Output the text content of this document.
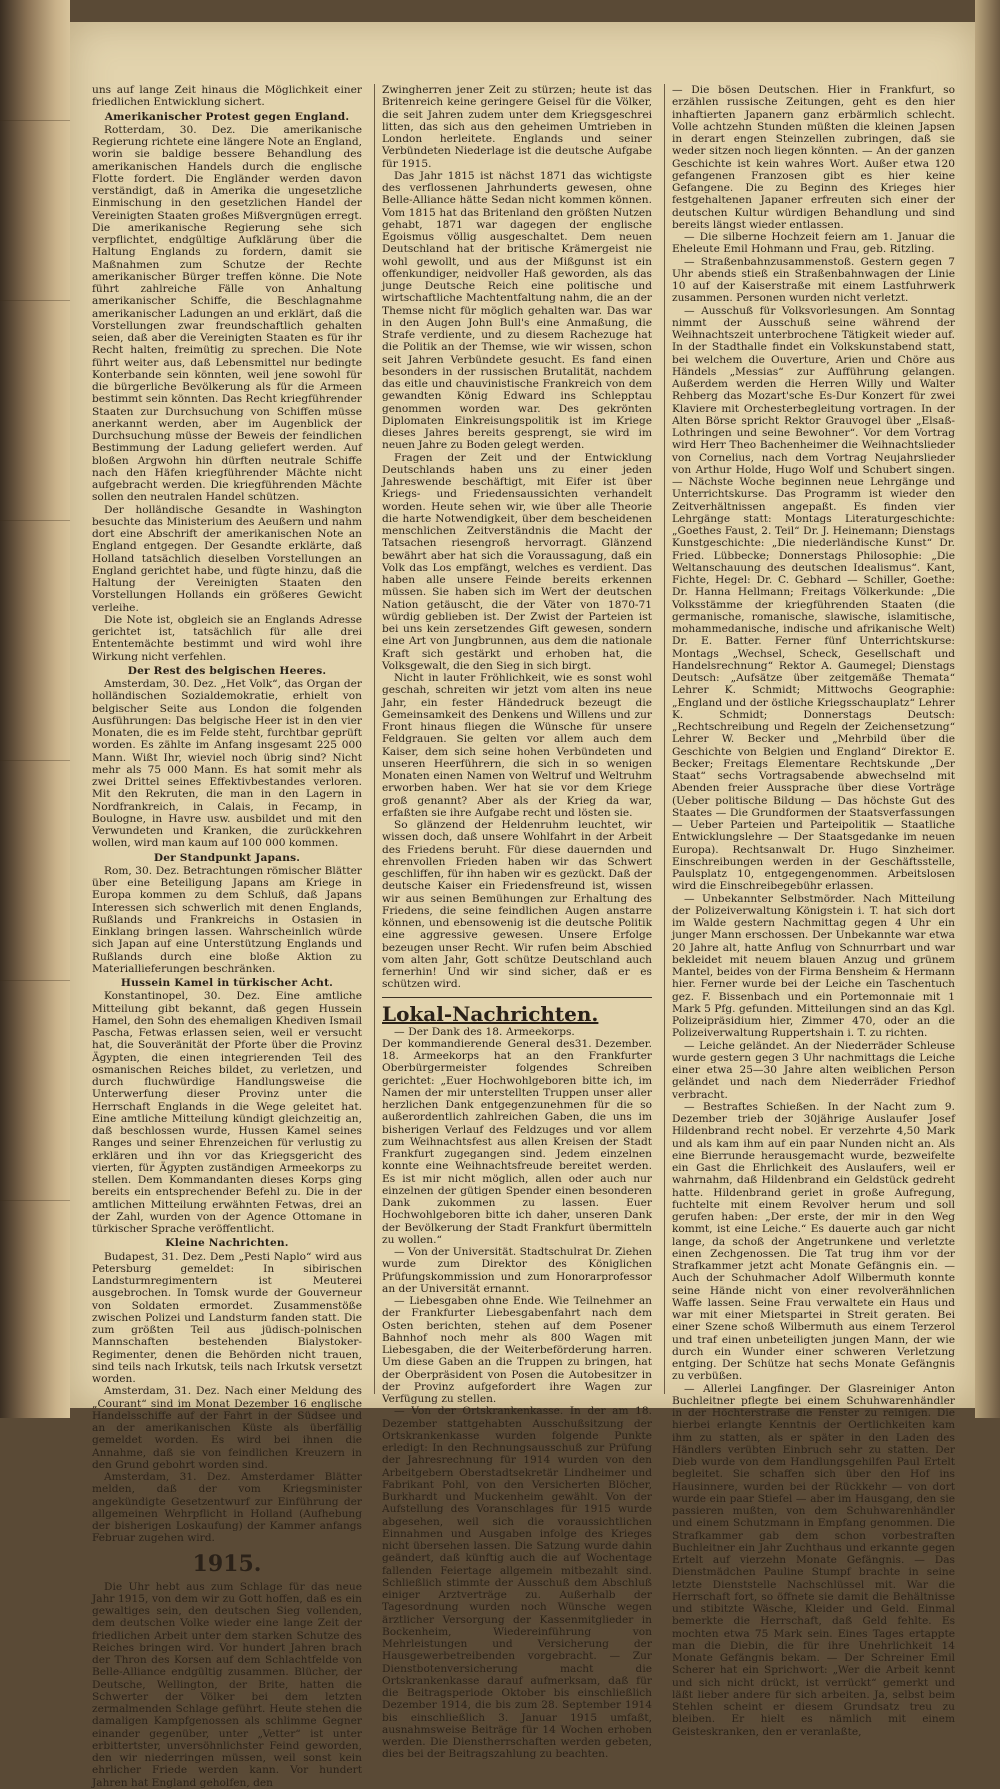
uns auf lange Zeit hinaus die Möglichkeit einer friedlichen Entwicklung sichert.

Amerikanischer Protest gegen England.

Rotterdam, 30. Dez. Die amerikanische Regierung richtete eine längere Note an England, worin sie baldige bessere Behandlung des amerikanischen Handels durch die englische Flotte fordert. Die Engländer werden davon verständigt, daß in Amerika die ungesetzliche Einmischung in den gesetzlichen Handel der Vereinigten Staaten großes Mißvergnügen erregt. Die amerikanische Regierung sehe sich verpflichtet, endgültige Aufklärung über die Haltung Englands zu fordern, damit sie Maßnahmen zum Schutze der Rechte amerikanischer Bürger treffen könne. Die Note führt zahlreiche Fälle von Anhaltung amerikanischer Schiffe, die Beschlagnahme amerikanischer Ladungen an und erklärt, daß die Vorstellungen zwar freundschaftlich gehalten seien, daß aber die Vereinigten Staaten es für ihr Recht halten, freimütig zu sprechen. Die Note führt weiter aus, daß Lebensmittel nur bedingte Konterbande sein könnten, weil jene sowohl für die bürgerliche Bevölkerung als für die Armeen bestimmt sein könnten. Das Recht kriegführender Staaten zur Durchsuchung von Schiffen müsse anerkannt werden, aber im Augenblick der Durchsuchung müsse der Beweis der feindlichen Bestimmung der Ladung geliefert werden. Auf bloßen Argwohn hin dürften neutrale Schiffe nach den Häfen kriegführender Mächte nicht aufgebracht werden. Die kriegführenden Mächte sollen den neutralen Handel schützen.

Der holländische Gesandte in Washington besuchte das Ministerium des Aeußern und nahm dort eine Abschrift der amerikanischen Note an England entgegen. Der Gesandte erklärte, daß Holland tatsächlich dieselben Vorstellungen an England gerichtet habe, und fügte hinzu, daß die Haltung der Vereinigten Staaten den Vorstellungen Hollands ein größeres Gewicht verleihe.

Die Note ist, obgleich sie an Englands Adresse gerichtet ist, tatsächlich für alle drei Ententemächte bestimmt und wird wohl ihre Wirkung nicht verfehlen.

Der Rest des belgischen Heeres.

Amsterdam, 30. Dez. „Het Volk“, das Organ der holländischen Sozialdemokratie, erhielt von belgischer Seite aus London die folgenden Ausführungen: Das belgische Heer ist in den vier Monaten, die es im Felde steht, furchtbar geprüft worden. Es zählte im Anfang insgesamt 225 000 Mann. Wißt Ihr, wieviel noch übrig sind? Nicht mehr als 75 000 Mann. Es hat somit mehr als zwei Drittel seines Effektivbestandes verloren. Mit den Rekruten, die man in den Lagern in Nordfrankreich, in Calais, in Fecamp, in Boulogne, in Havre usw. ausbildet und mit den Verwundeten und Kranken, die zurückkehren wollen, wird man kaum auf 100 000 kommen.

Der Standpunkt Japans.

Rom, 30. Dez. Betrachtungen römischer Blätter über eine Beteiligung Japans am Kriege in Europa kommen zu dem Schluß, daß Japans Interessen sich schwerlich mit denen Englands, Rußlands und Frankreichs in Ostasien in Einklang bringen lassen. Wahrscheinlich würde sich Japan auf eine Unterstützung Englands und Rußlands durch eine bloße Aktion zu Materiallieferungen beschränken.

Hussein Kamel in türkischer Acht.

Konstantinopel, 30. Dez. Eine amtliche Mitteilung gibt bekannt, daß gegen Hussein Hamel, den Sohn des ehemaligen Khediven Ismail Pascha, Fetwas erlassen seien, weil er versucht hat, die Souveränität der Pforte über die Provinz Ägypten, die einen integrierenden Teil des osmanischen Reiches bildet, zu verletzen, und durch fluchwürdige Handlungsweise die Unterwerfung dieser Provinz unter die Herrschaft Englands in die Wege geleitet hat. Eine amtliche Mitteilung kündigt gleichzeitig an, daß beschlossen wurde, Hussen Kamel seines Ranges und seiner Ehrenzeichen für verlustig zu erklären und ihn vor das Kriegsgericht des vierten, für Ägypten zuständigen Armeekorps zu stellen. Dem Kommandanten dieses Korps ging bereits ein entsprechender Befehl zu. Die in der amtlichen Mitteilung erwähnten Fetwas, drei an der Zahl, wurden von der Agence Ottomane in türkischer Sprache veröffentlicht.

Kleine Nachrichten.

Budapest, 31. Dez. Dem „Pesti Naplo“ wird aus Petersburg gemeldet: In sibirischen Landsturmregimentern ist Meuterei ausgebrochen. In Tomsk wurde der Gouverneur von Soldaten ermordet. Zusammenstöße zwischen Polizei und Landsturm fanden statt. Die zum größten Teil aus jüdisch-polnischen Mannschaften bestehenden Bialystoker-Regimenter, denen die Behörden nicht trauen, sind teils nach Irkutsk, teils nach Irkutsk versetzt worden.

Amsterdam, 31. Dez. Nach einer Meldung des „Courant“ sind im Monat Dezember 16 englische Handelsschiffe auf der Fahrt in der Südsee und an der amerikanischen Küste als überfällig gemeldet worden. Es wird bei ihnen die Annahme, daß sie von feindlichen Kreuzern in den Grund gebohrt worden sind.

Amsterdam, 31. Dez. Amsterdamer Blätter melden, daß der vom Kriegsminister angekündigte Gesetzentwurf zur Einführung der allgemeinen Wehrpflicht in Holland (Aufhebung der bisherigen Loskaufung) der Kammer anfangs Februar zugehen wird.

1915.

Die Uhr hebt aus zum Schlage für das neue Jahr 1915, von dem wir zu Gott hoffen, daß es ein gewaltiges sein, den deutschen Sieg vollenden, dem deutschen Volke wieder eine lange Zeit der friedlichen Arbeit unter dem starken Schutze des Reiches bringen wird. Vor hundert Jahren brach der Thron des Korsen auf dem Schlachtfelde von Belle-Alliance endgültig zusammen. Blücher, der Deutsche, Wellington, der Brite, hatten die Schwerter der Völker bei dem letzten zermalmenden Schlage geführt. Heute stehen die damaligen Kampfgenossen als schlimme Gegner einander gegenüber, unter „Vetter“ ist unter erbittertster, unversöhnlichster Feind geworden, den wir niederringen müssen, weil sonst kein ehrlicher Friede werden kann. Vor hundert Jahren hat England geholfen, den

Zwingherren jener Zeit zu stürzen; heute ist das Britenreich keine geringere Geisel für die Völker, die seit Jahren zudem unter dem Kriegsgeschrei litten, das sich aus den geheimen Umtrieben in London herleitete. Englands und seiner Verbündeten Niederlage ist die deutsche Aufgabe für 1915.

Das Jahr 1815 ist nächst 1871 das wichtigste des verflossenen Jahrhunderts gewesen, ohne Belle-Alliance hätte Sedan nicht kommen können. Vom 1815 hat das Britenland den größten Nutzen gehabt, 1871 war dagegen der englische Egoismus völlig ausgeschaltet. Dem neuen Deutschland hat der britische Krämergeist nie wohl gewollt, und aus der Mißgunst ist ein offenkundiger, neidvoller Haß geworden, als das junge Deutsche Reich eine politische und wirtschaftliche Machtentfaltung nahm, die an der Themse nicht für möglich gehalten war. Das war in den Augen John Bull's eine Anmaßung, die Strafe verdiente, und zu diesem Rachezuge hat die Politik an der Themse, wie wir wissen, schon seit Jahren Verbündete gesucht. Es fand einen besonders in der russischen Brutalität, nachdem das eitle und chauvinistische Frankreich von dem gewandten König Edward ins Schlepptau genommen worden war. Des gekrönten Diplomaten Einkreisungspolitik ist im Kriege dieses Jahres bereits gesprengt, sie wird im neuen Jahre zu Boden gelegt werden.

Fragen der Zeit und der Entwicklung Deutschlands haben uns zu einer jeden Jahreswende beschäftigt, mit Eifer ist über Kriegs- und Friedensaussichten verhandelt worden. Heute sehen wir, wie über alle Theorie die harte Notwendigkeit, über dem bescheidenen menschlichen Zeitverständnis die Macht der Tatsachen riesengroß hervorragt. Glänzend bewährt aber hat sich die Voraussagung, daß ein Volk das Los empfängt, welches es verdient. Das haben alle unsere Feinde bereits erkennen müssen. Sie haben sich im Wert der deutschen Nation getäuscht, die der Väter von 1870-71 würdig geblieben ist. Der Zwist der Parteien ist bei uns kein zersetzendes Gift gewesen, sondern eine Art von Jungbrunnen, aus dem die nationale Kraft sich gestärkt und erhoben hat, die Volksgewalt, die den Sieg in sich birgt.

Nicht in lauter Fröhlichkeit, wie es sonst wohl geschah, schreiten wir jetzt vom alten ins neue Jahr, ein fester Händedruck bezeugt die Gemeinsamkeit des Denkens und Willens und zur Front hinaus fliegen die Wünsche für unsere Feldgrauen. Sie gelten vor allem auch dem Kaiser, dem sich seine hohen Verbündeten und unseren Heerführern, die sich in so wenigen Monaten einen Namen von Weltruf und Weltruhm erworben haben. Wer hat sie vor dem Kriege groß genannt? Aber als der Krieg da war, erfaßten sie ihre Aufgabe recht und lösten sie.

So glänzend der Heldenruhm leuchtet, wir wissen doch, daß unsere Wohlfahrt in der Arbeit des Friedens beruht. Für diese dauernden und ehrenvollen Frieden haben wir das Schwert geschliffen, für ihn haben wir es gezückt. Daß der deutsche Kaiser ein Friedensfreund ist, wissen wir aus seinen Bemühungen zur Erhaltung des Friedens, die seine feindlichen Augen anstarre können, und ebensowenig ist die deutsche Politik eine aggressive gewesen. Unsere Erfolge bezeugen unser Recht. Wir rufen beim Abschied vom alten Jahr, Gott schütze Deutschland auch fernerhin! Und wir sind sicher, daß er es schützen wird.

Lokal-Nachrichten.
31. Dezember.

— Der Dank des 18. Armeekorps. Der kommandierende General des 18. Armeekorps hat an den Frankfurter Oberbürgermeister folgendes Schreiben gerichtet: „Euer Hochwohlgeboren bitte ich, im Namen der mir unterstellten Truppen unser aller herzlichen Dank entgegenzunehmen für die so außerordentlich zahlreichen Gaben, die uns im bisherigen Verlauf des Feldzuges und vor allem zum Weihnachtsfest aus allen Kreisen der Stadt Frankfurt zugegangen sind. Jedem einzelnen konnte eine Weihnachtsfreude bereitet werden. Es ist mir nicht möglich, allen oder auch nur einzelnen der gütigen Spender einen besonderen Dank zukommen zu lassen. Euer Hochwohlgeboren bitte ich daher, unseren Dank der Bevölkerung der Stadt Frankfurt übermitteln zu wollen.“

— Von der Universität. Stadtschulrat Dr. Ziehen wurde zum Direktor des Königlichen Prüfungskommission und zum Honorarprofessor an der Universität ernannt.

— Liebesgaben ohne Ende. Wie Teilnehmer an der Frankfurter Liebesgabenfahrt nach dem Osten berichten, stehen auf dem Posener Bahnhof noch mehr als 800 Wagen mit Liebesgaben, die der Weiterbeförderung harren. Um diese Gaben an die Truppen zu bringen, hat der Oberpräsident von Posen die Autobesitzer in der Provinz aufgefordert ihre Wagen zur Verfügung zu stellen.

— Von der Ortskrankenkasse. In der am 18. Dezember stattgehabten Ausschußsitzung der Ortskrankenkasse wurden folgende Punkte erledigt: In den Rechnungsausschuß zur Prüfung der Jahresrechnung für 1914 wurden von den Arbeitgebern Oberstadtsekretär Lindheimer und Fabrikant Pohl, von den Versicherten Blöcher, Burkhardt und Muckenheim gewählt. Von der Aufstellung des Voranschlages für 1915 wurde abgesehen, weil sich die voraussichtlichen Einnahmen und Ausgaben infolge des Krieges nicht übersehen lassen. Die Satzung wurde dahin geändert, daß künftig auch die auf Wochentage fallenden Feiertage allgemein mitbezahlt sind. Schließlich stimmte der Ausschuß dem Abschluß einiger Arztverträge zu. Außerhalb der Tagesordnung wurden noch Wünsche wegen ärztlicher Versorgung der Kassenmitglieder in Bockenheim, Wiedereinführung von Mehrleistungen und Versicherung der Hausgewerbetreibenden vorgebracht. — Zur Dienstbotenversicherung macht die Ortskrankenkasse darauf aufmerksam, daß für die Beitragsperiode Oktober bis einschließlich Dezember 1914, die bis zum 28. September 1914 bis einschließlich 3. Januar 1915 umfaßt, ausnahmsweise Beiträge für 14 Wochen erhoben werden. Die Dienstherrschaften werden gebeten, dies bei der Beitragszahlung zu beachten.

— Die bösen Deutschen. Hier in Frankfurt, so erzählen russische Zeitungen, geht es den hier inhaftierten Japanern ganz erbärmlich schlecht. Volle achtzehn Stunden müßten die kleinen Japsen in derart engen Steinzellen zubringen, daß sie weder sitzen noch liegen könnten. — An der ganzen Geschichte ist kein wahres Wort. Außer etwa 120 gefangenen Franzosen gibt es hier keine Gefangene. Die zu Beginn des Krieges hier festgehaltenen Japaner erfreuten sich einer der deutschen Kultur würdigen Behandlung und sind bereits längst wieder entlassen.

— Die silberne Hochzeit feiern am 1. Januar die Eheleute Emil Hohmann und Frau, geb. Ritzling.

— Straßenbahnzusammenstoß. Gestern gegen 7 Uhr abends stieß ein Straßenbahnwagen der Linie 10 auf der Kaiserstraße mit einem Lastfuhrwerk zusammen. Personen wurden nicht verletzt.

— Ausschuß für Volksvorlesungen. Am Sonntag nimmt der Ausschuß seine während der Weihnachtszeit unterbrochene Tätigkeit wieder auf. In der Stadthalle findet ein Volkskunstabend statt, bei welchem die Ouverture, Arien und Chöre aus Händels „Messias“ zur Aufführung gelangen. Außerdem werden die Herren Willy und Walter Rehberg das Mozart'sche Es-Dur Konzert für zwei Klaviere mit Orchesterbegleitung vortragen. In der Alten Börse spricht Rektor Grauvogel über „Elsaß-Lothringen und seine Bewohner“. Vor dem Vortrag wird Herr Theo Bachenheimer die Weihnachtslieder von Cornelius, nach dem Vortrag Neujahrslieder von Arthur Holde, Hugo Wolf und Schubert singen. — Nächste Woche beginnen neue Lehrgänge und Unterrichtskurse. Das Programm ist wieder den Zeitverhältnissen angepaßt. Es finden vier Lehrgänge statt: Montags Literaturgeschichte: „Goethes Faust, 2. Teil“ Dr. J. Heinemann; Dienstags Kunstgeschichte: „Die niederländische Kunst“ Dr. Fried. Lübbecke; Donnerstags Philosophie: „Die Weltanschauung des deutschen Idealismus“. Kant, Fichte, Hegel: Dr. C. Gebhard — Schiller, Goethe: Dr. Hanna Hellmann; Freitags Völkerkunde: „Die Volksstämme der kriegführenden Staaten (die germanische, romanische, slawische, islamitische, mohammedanische, indische und afrikanische Welt) Dr. E. Batter. Ferner fünf Unterrichtskurse: Montags „Wechsel, Scheck, Gesellschaft und Handelsrechnung“ Rektor A. Gaumegel; Dienstags Deutsch: „Aufsätze über zeitgemäße Themata“ Lehrer K. Schmidt; Mittwochs Geographie: „England und der östliche Kriegsschauplatz“ Lehrer K. Schmidt; Donnerstags Deutsch: „Rechtschreibung und Regeln der Zeichensetzung“ Lehrer W. Becker und „Mehrbild über die Geschichte von Belgien und England“ Direktor E. Becker; Freitags Elementare Rechtskunde „Der Staat“ sechs Vortragsabende abwechselnd mit Abenden freier Aussprache über diese Vorträge (Ueber politische Bildung — Das höchste Gut des Staates — Die Grundformen der Staatsverfassungen — Ueber Parteien und Parteipolitik — Staatliche Entwicklungslehre — Der Staatsgedanke im neuen Europa). Rechtsanwalt Dr. Hugo Sinzheimer. Einschreibungen werden in der Geschäftsstelle, Paulsplatz 10, entgegengenommen. Arbeitslosen wird die Einschreibegebühr erlassen.

— Unbekannter Selbstmörder. Nach Mitteilung der Polizeiverwaltung Königstein i. T. hat sich dort im Walde gestern Nachmittag gegen 4 Uhr ein junger Mann erschossen. Der Unbekannte war etwa 20 Jahre alt, hatte Anflug von Schnurrbart und war bekleidet mit neuem blauen Anzug und grünem Mantel, beides von der Firma Bensheim & Hermann hier. Ferner wurde bei der Leiche ein Taschentuch gez. F. Bissenbach und ein Portemonnaie mit 1 Mark 5 Pfg. gefunden. Mitteilungen sind an das Kgl. Polizeipräsidium hier, Zimmer 470, oder an die Polizeiverwaltung Ruppertshain i. T. zu richten.

— Leiche geländet. An der Niederräder Schleuse wurde gestern gegen 3 Uhr nachmittags die Leiche einer etwa 25—30 Jahre alten weiblichen Person geländet und nach dem Niederräder Friedhof verbracht.

— Bestraftes Schießen. In der Nacht zum 9. Dezember trieb der 30jährige Auslaufer Josef Hildenbrand recht nobel. Er verzehrte 4,50 Mark und als kam ihm auf ein paar Nunden nicht an. Als eine Bierrunde herausgemacht wurde, bezweifelte ein Gast die Ehrlichkeit des Auslaufers, weil er wahrnahm, daß Hildenbrand ein Geldstück gedreht hatte. Hildenbrand geriet in große Aufregung, fuchtelte mit einem Revolver herum und soll gerufen haben: „Der erste, der mir in den Weg kommt, ist eine Leiche.“ Es dauerte auch gar nicht lange, da schoß der Angetrunkene und verletzte einen Zechgenossen. Die Tat trug ihm vor der Strafkammer jetzt acht Monate Gefängnis ein. — Auch der Schuhmacher Adolf Wilbermuth konnte seine Hände nicht von einer revolverähnlichen Waffe lassen. Seine Frau verwaltete ein Haus und war mit einer Mietspartei in Streit geraten. Bei einer Szene schoß Wilbermuth aus einem Terzerol und traf einen unbeteiligten jungen Mann, der wie durch ein Wunder einer schweren Verletzung entging. Der Schütze hat sechs Monate Gefängnis zu verbüßen.

— Allerlei Langfinger. Der Glasreiniger Anton Buchleitner pflegte bei einem Schuhwarenhändler in der Höchterstraße die Fenster zu reinigen. Die hierbei erlangte Kenntnis der Oertlichkeiten kam ihm zu statten, als er später in den Laden des Händlers verübten Einbruch sehr zu statten. Der Dieb wurde von dem Handlungsgehilfen Paul Ertelt begleitet. Sie schaffen sich über den Hof ins Hausinnere, wurden bei der Rückkehr — von dort wurde ein paar Stiefel — aber im Hausgang, den sie passieren mußten, von dem Schuhwarenhändler und einem Schutzmann in Empfang genommen. Die Strafkammer gab dem schon vorbestraften Buchleitner ein Jahr Zuchthaus und erkannte gegen Ertelt auf vierzehn Monate Gefängnis. — Das Dienstmädchen Pauline Stumpf brachte in seine letzte Dienststelle Nachschlüssel mit. War die Herrschaft fort, so öffnete sie damit die Behältnisse und stibitzte Wäsche, Kleider und Geld. Einmal bemerkte die Herrschaft, daß Geld fehlte. Es mochten etwa 75 Mark sein. Eines Tages ertappte man die Diebin, die für ihre Unehrlichkeit 14 Monate Gefängnis bekam. — Der Schreiner Emil Scherer hat ein Sprichwort: „Wer die Arbeit kennt und sich nicht drückt, ist verrückt“ gemerkt und läßt lieber andere für sich arbeiten. Ja, selbst beim Stehlen scheint er diesem Grundsatz treu zu bleiben. Er hielt es nämlich mit einem Geisteskranken, den er veranlaßte,
